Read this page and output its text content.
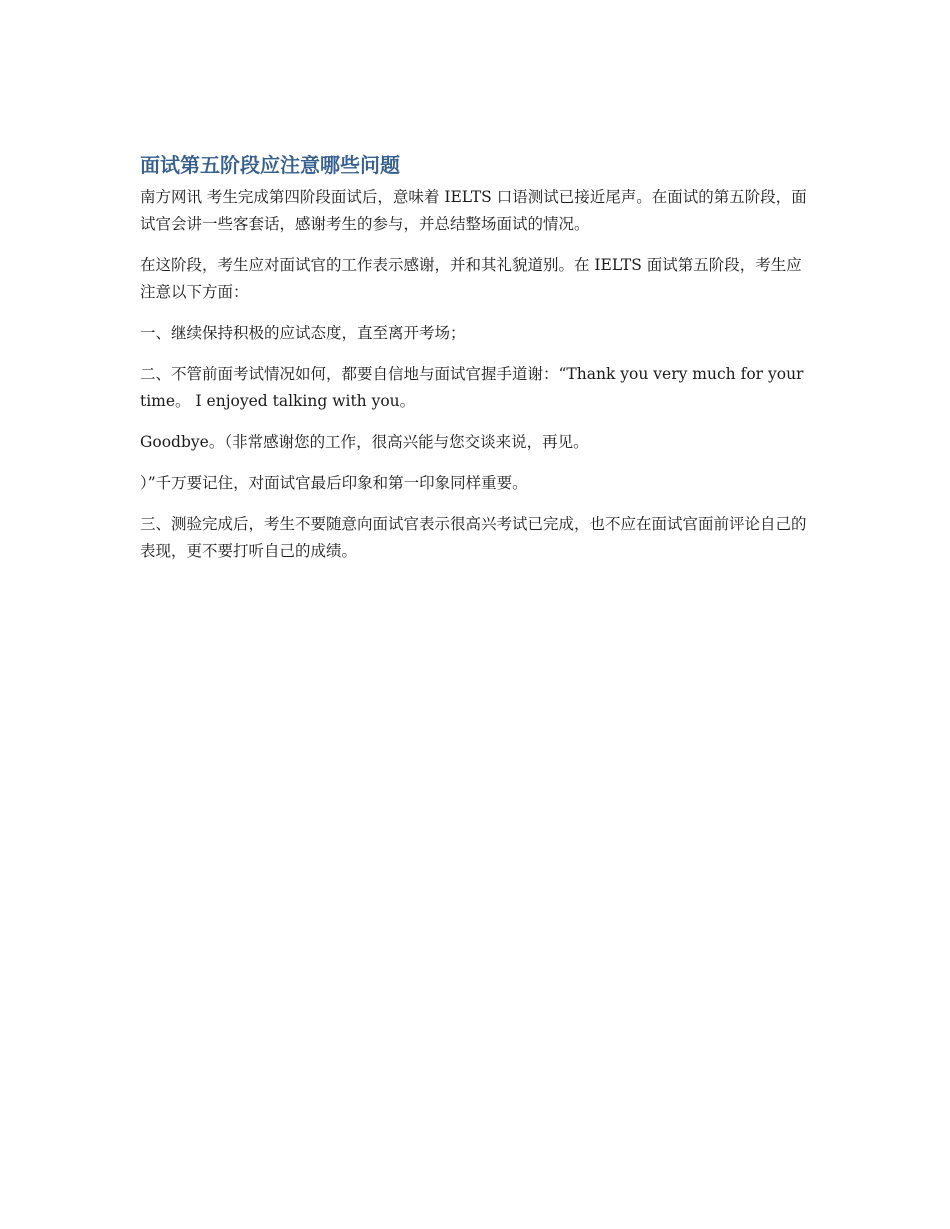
面试第五阶段应注意哪些问题

南方网讯 考生完成第四阶段面试后，意味着 IELTS 口语测试已接近尾声。在面试的第五阶段，面试官会讲一些客套话，感谢考生的参与，并总结整场面试的情况。

在这阶段，考生应对面试官的工作表示感谢，并和其礼貌道别。在 IELTS 面试第五阶段，考生应注意以下方面：

一、继续保持积极的应试态度，直至离开考场；

二、不管前面考试情况如何，都要自信地与面试官握手道谢：“Thank you very much for your time。 I enjoyed talking with you。

Goodbye。（非常感谢您的工作，很高兴能与您交谈来说，再见。

）”千万要记住，对面试官最后印象和第一印象同样重要。

三、测验完成后，考生不要随意向面试官表示很高兴考试已完成，也不应在面试官面前评论自己的表现，更不要打听自己的成绩。
